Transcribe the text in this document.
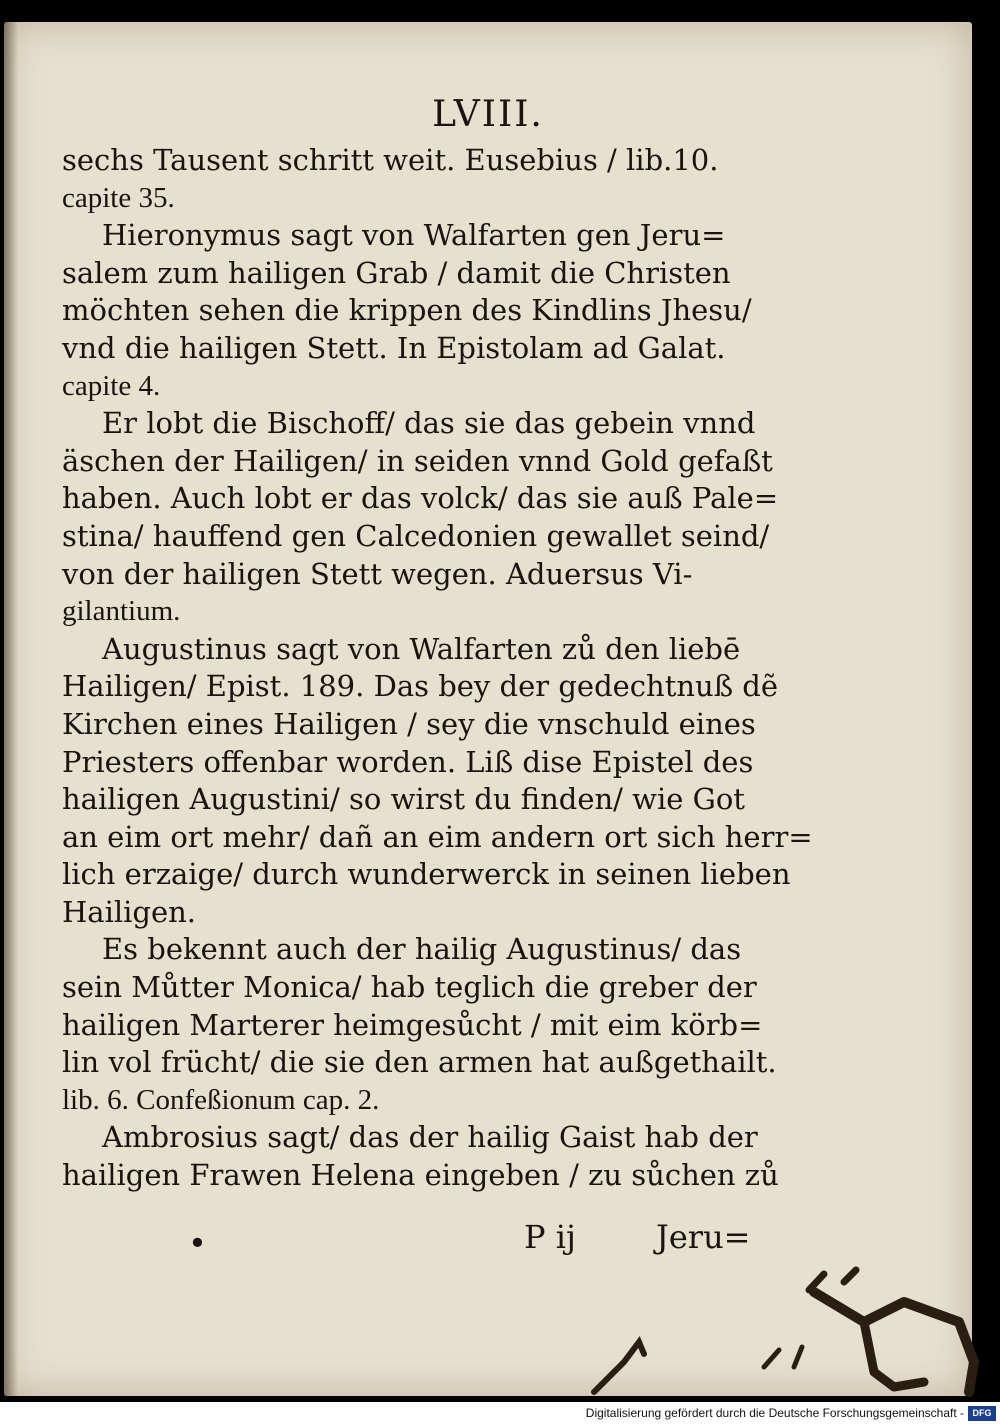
LVIII.
sechs Tausent schritt weit. Eusebius / lib.10.
capite 35.
Hieronymus sagt von Walfarten gen Jeru=
salem zum hailigen Grab / damit die Christen
möchten sehen die krippen des Kindlins Jhesu/
vnd die hailigen Stett. In Epistolam ad Galat.
capite 4.
Er lobt die Bischoff/ das sie das gebein vnnd
äschen der Hailigen/ in seiden vnnd Gold gefaßt
haben. Auch lobt er das volck/ das sie auß Pale=
stina/ hauffend gen Calcedonien gewallet seind/
von der hailigen Stett wegen. Aduersus Vi-
gilantium.
Augustinus sagt von Walfarten zů den liebē
Hailigen/ Epist. 189. Das bey der gedechtnuß dẽ
Kirchen eines Hailigen / sey die vnschuld eines
Priesters offenbar worden. Liß dise Epistel des
hailigen Augustini/ so wirst du finden/ wie Got
an eim ort mehr/ dañ an eim andern ort sich herr=
lich erzaige/ durch wunderwerck in seinen lieben
Hailigen.
Es bekennt auch der hailig Augustinus/ das
sein Můtter Monica/ hab teglich die greber der
hailigen Marterer heimgesůcht / mit eim körb=
lin vol frücht/ die sie den armen hat außgethailt.
lib. 6. Confeßionum cap. 2.
Ambrosius sagt/ das der hailig Gaist hab der
hailigen Frawen Helena eingeben / zu sůchen zů
•	P ij	Jeru=
Digitalisierung gefördert durch die Deutsche Forschungsgemeinschaft - DFG
